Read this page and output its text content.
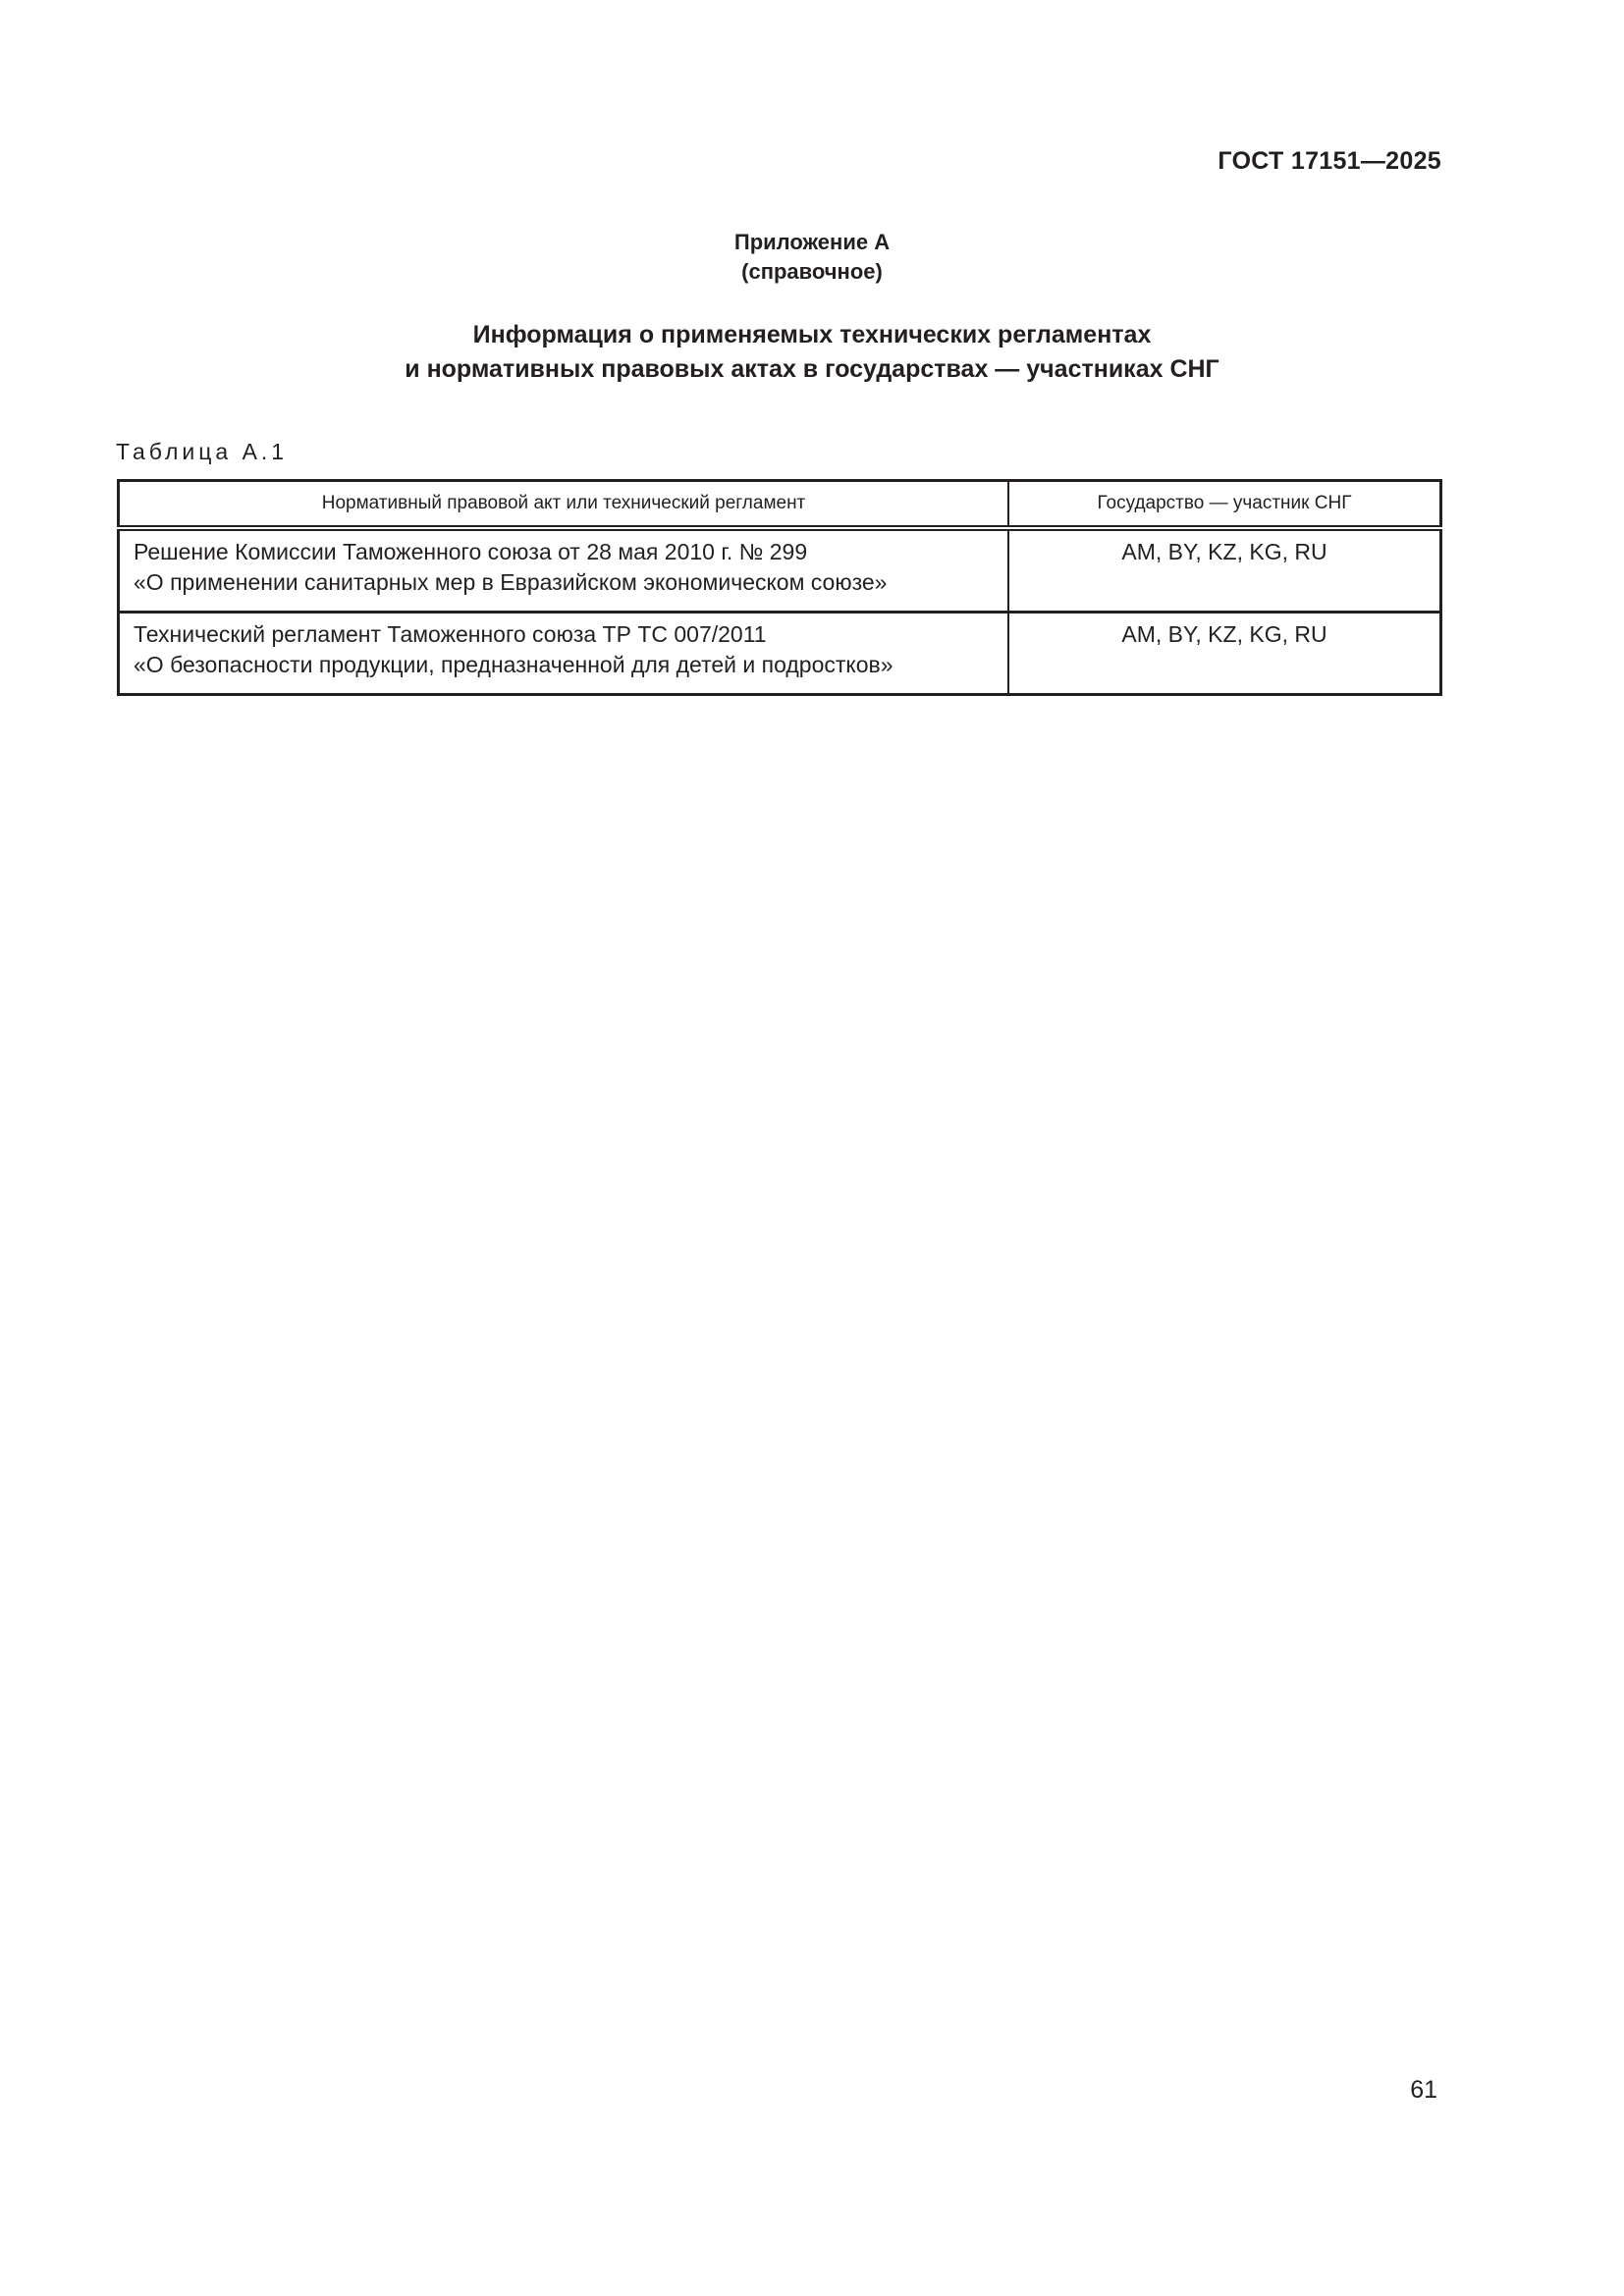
ГОСТ 17151—2025
Приложение А
(справочное)
Информация о применяемых технических регламентах
и нормативных правовых актах в государствах — участниках СНГ
Таблица А.1
Нормативный правовой акт или технический регламент	Государство — участник СНГ

Решение Комиссии Таможенного союза от 28 мая 2010 г. № 299
«О применении санитарных мер в Евразийском экономическом союзе»	AM, BY, KZ, KG, RU

Технический регламент Таможенного союза ТР ТС 007/2011
«О безопасности продукции, предназначенной для детей и подростков»	AM, BY, KZ, KG, RU
61
